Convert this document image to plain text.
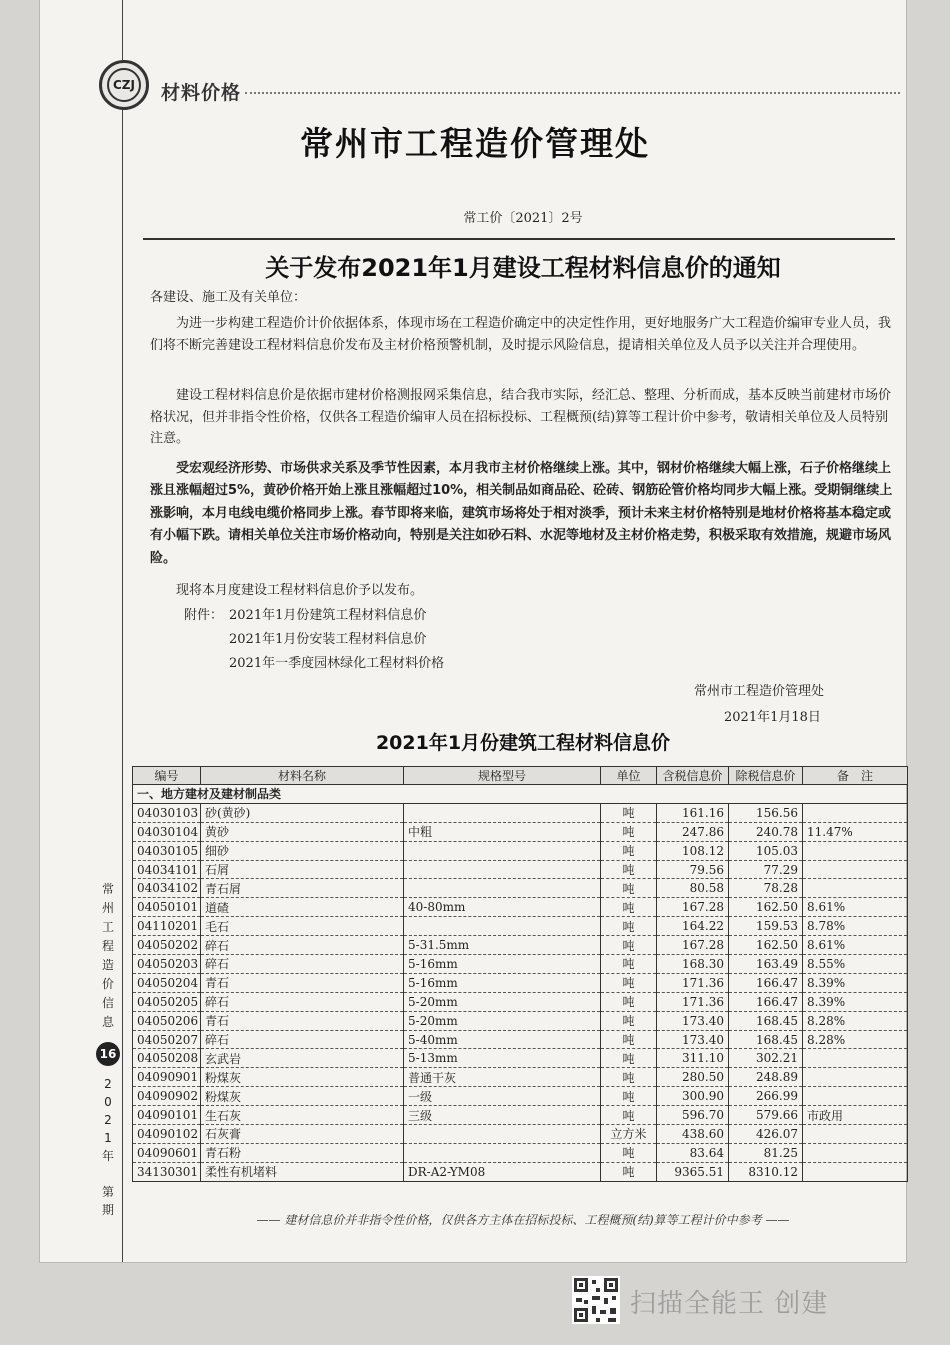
CZJ	材料价格
常州市工程造价管理处
常工价〔2021〕2号
关于发布2021年1月建设工程材料信息价的通知
各建设、施工及有关单位：
为进一步构建工程造价计价依据体系，体现市场在工程造价确定中的决定性作用，更好地服务广大工程造价编审专业人员，我们将不断完善建设工程材料信息价发布及主材价格预警机制，及时提示风险信息，提请相关单位及人员予以关注并合理使用。
建设工程材料信息价是依据市建材价格测报网采集信息，结合我市实际，经汇总、整理、分析而成，基本反映当前建材市场价格状况，但并非指令性价格，仅供各工程造价编审人员在招标投标、工程概预(结)算等工程计价中参考，敬请相关单位及人员特别注意。
受宏观经济形势、市场供求关系及季节性因素，本月我市主材价格继续上涨。其中，钢材价格继续大幅上涨，石子价格继续上涨且涨幅超过5%，黄砂价格开始上涨且涨幅超过10%，相关制品如商品砼、砼砖、钢筋砼管价格均同步大幅上涨。受期铜继续上涨影响，本月电线电缆价格同步上涨。春节即将来临，建筑市场将处于相对淡季，预计未来主材价格特别是地材价格将基本稳定或有小幅下跌。请相关单位关注市场价格动向，特别是关注如砂石料、水泥等地材及主材价格走势，积极采取有效措施，规避市场风险。
现将本月度建设工程材料信息价予以发布。
附件： 2021年1月份建筑工程材料信息价
2021年1月份安装工程材料信息价
2021年一季度园林绿化工程材料价格
常州市工程造价管理处
2021年1月18日
2021年1月份建筑工程材料信息价
编号	材料名称	规格型号	单位	含税信息价	除税信息价	备　注
一、地方建材及建材制品类						
04030103	砂(黄砂)		吨	161.16	156.56	
04030104	黄砂	中粗	吨	247.86	240.78	11.47%
04030105	细砂		吨	108.12	105.03	
04034101	石屑		吨	79.56	77.29	
04034102	青石屑		吨	80.58	78.28	
04050101	道碴	40-80mm	吨	167.28	162.50	8.61%
04110201	毛石		吨	164.22	159.53	8.78%
04050202	碎石	5-31.5mm	吨	167.28	162.50	8.61%
04050203	碎石	5-16mm	吨	168.30	163.49	8.55%
04050204	青石	5-16mm	吨	171.36	166.47	8.39%
04050205	碎石	5-20mm	吨	171.36	166.47	8.39%
04050206	青石	5-20mm	吨	173.40	168.45	8.28%
04050207	碎石	5-40mm	吨	173.40	168.45	8.28%
04050208	玄武岩	5-13mm	吨	311.10	302.21	
04090901	粉煤灰	普通干灰	吨	280.50	248.89	
04090902	粉煤灰	一级	吨	300.90	266.99	
04090101	生石灰	三级	吨	596.70	579.66	市政用
04090102	石灰膏		立方米	438.60	426.07	
04090601	青石粉		吨	83.64	81.25	
34130301	柔性有机堵料	DR-A2-YM08	吨	9365.51	8310.12	
—— 建材信息价并非指令性价格，仅供各方主体在招标投标、工程概预(结)算等工程计价中参考 ——
常
州
工
程
造
价
信
息
16
2
0
2
1
年
第
期
扫描全能王 创建
